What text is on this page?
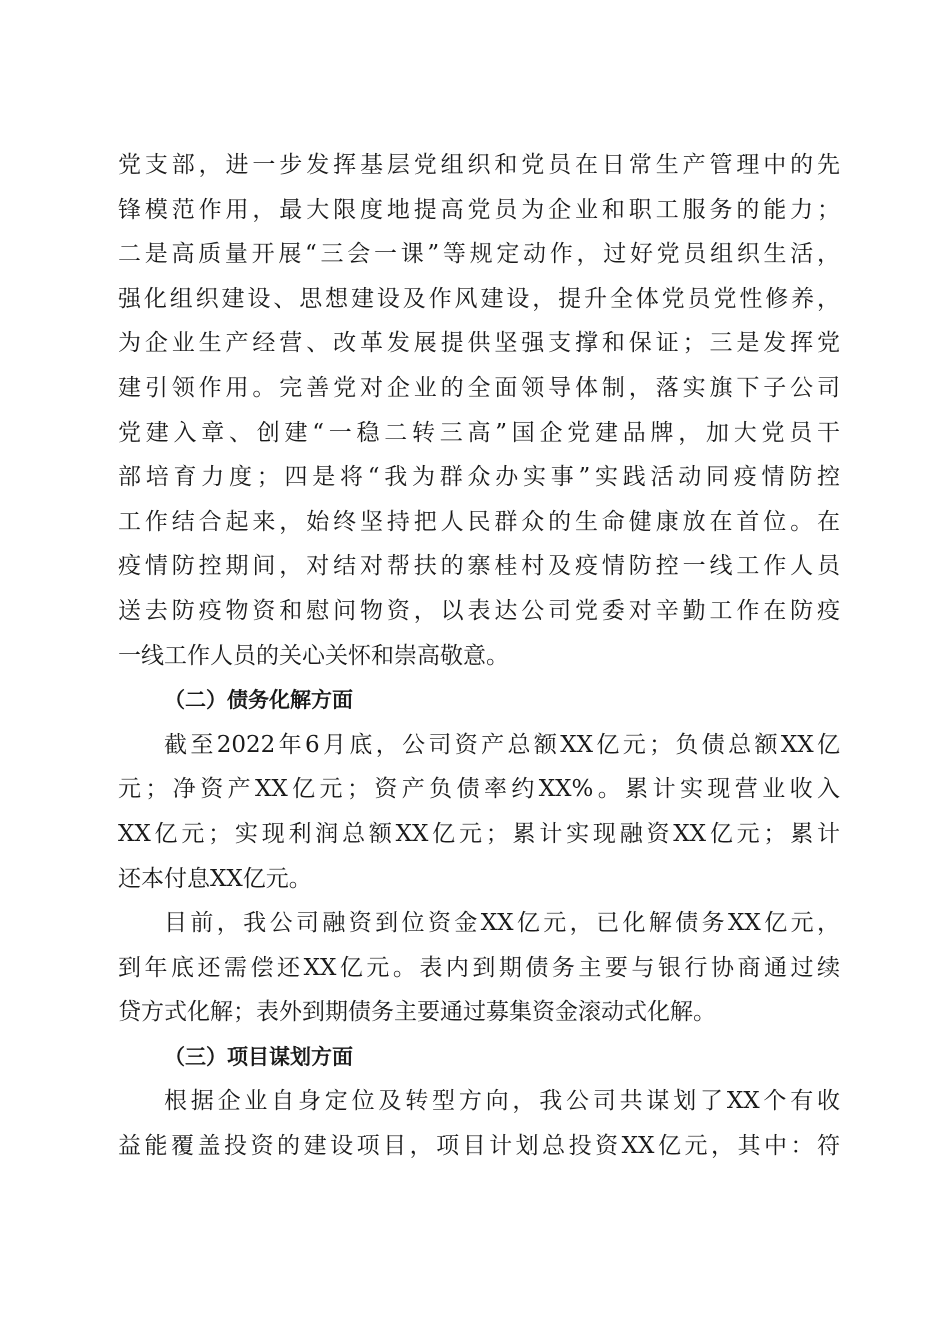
党支部，进一步发挥基层党组织和党员在日常生产管理中的先
锋模范作用，最大限度地提高党员为企业和职工服务的能力；
二是高质量开展“三会一课”等规定动作，过好党员组织生活，
强化组织建设、思想建设及作风建设，提升全体党员党性修养，
为企业生产经营、改革发展提供坚强支撑和保证；三是发挥党
建引领作用。完善党对企业的全面领导体制，落实旗下子公司
党建入章、创建“一稳二转三高”国企党建品牌，加大党员干
部培育力度；四是将“我为群众办实事”实践活动同疫情防控
工作结合起来，始终坚持把人民群众的生命健康放在首位。在
疫情防控期间，对结对帮扶的寨桂村及疫情防控一线工作人员
送去防疫物资和慰问物资，以表达公司党委对辛勤工作在防疫
一线工作人员的关心关怀和崇高敬意。
（二）债务化解方面
截至2022年6月底，公司资产总额XX亿元；负债总额XX亿
元；净资产XX亿元；资产负债率约XX%。累计实现营业收入
XX亿元；实现利润总额XX亿元；累计实现融资XX亿元；累计
还本付息XX亿元。
目前，我公司融资到位资金XX亿元，已化解债务XX亿元，
到年底还需偿还XX亿元。表内到期债务主要与银行协商通过续
贷方式化解；表外到期债务主要通过募集资金滚动式化解。
（三）项目谋划方面
根据企业自身定位及转型方向，我公司共谋划了XX个有收
益能覆盖投资的建设项目，项目计划总投资XX亿元，其中：符
